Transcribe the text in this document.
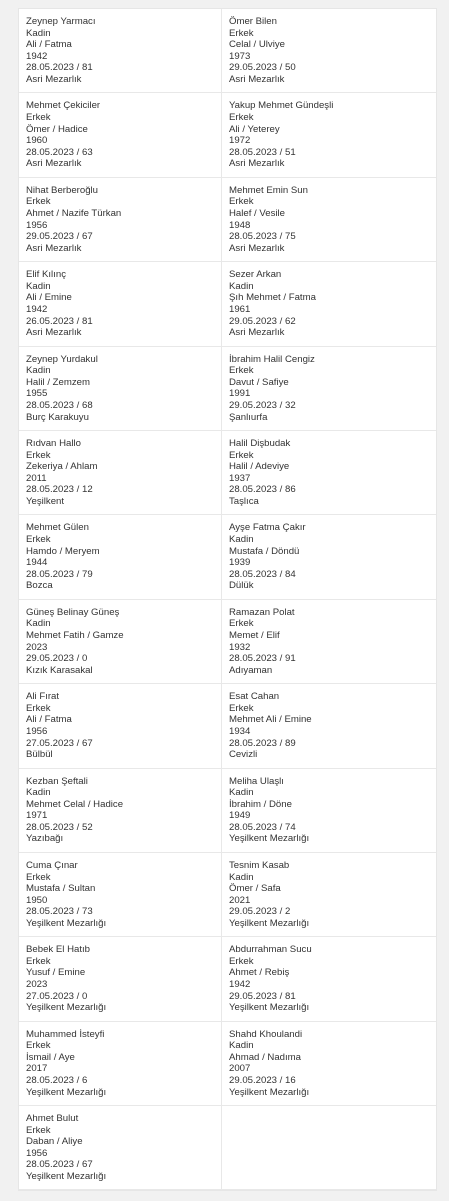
Zeynep Yarmacı
Kadin
Ali / Fatma
1942
28.05.2023 / 81
Asri Mezarlık
Ömer Bilen
Erkek
Celal / Ulviye
1973
29.05.2023 / 50
Asri Mezarlık
Mehmet Çekiciler
Erkek
Ömer / Hadice
1960
28.05.2023 / 63
Asri Mezarlık
Yakup Mehmet Gündeşli
Erkek
Ali / Yeterey
1972
28.05.2023 / 51
Asri Mezarlık
Nihat Berberoğlu
Erkek
Ahmet / Nazife Türkan
1956
29.05.2023 / 67
Asri Mezarlık
Mehmet Emin Sun
Erkek
Halef / Vesile
1948
28.05.2023 / 75
Asri Mezarlık
Elif Kılınç
Kadin
Ali / Emine
1942
26.05.2023 / 81
Asri Mezarlık
Sezer Arkan
Kadin
Şıh Mehmet / Fatma
1961
29.05.2023 / 62
Asri Mezarlık
Zeynep Yurdakul
Kadin
Halil / Zemzem
1955
28.05.2023 / 68
Burç Karakuyu
İbrahim Halil Cengiz
Erkek
Davut / Safiye
1991
29.05.2023 / 32
Şanlıurfa
Rıdvan Hallo
Erkek
Zekeriya / Ahlam
2011
28.05.2023 / 12
Yeşilkent
Halil Dişbudak
Erkek
Halil / Adeviye
1937
28.05.2023 / 86
Taşlıca
Mehmet Gülen
Erkek
Hamdo / Meryem
1944
28.05.2023 / 79
Bozca
Ayşe Fatma Çakır
Kadin
Mustafa / Döndü
1939
28.05.2023 / 84
Dülük
Güneş Belinay Güneş
Kadin
Mehmet Fatih / Gamze
2023
29.05.2023 / 0
Kızık Karasakal
Ramazan Polat
Erkek
Memet / Elif
1932
28.05.2023 / 91
Adıyaman
Ali Fırat
Erkek
Ali / Fatma
1956
27.05.2023 / 67
Bülbül
Esat Cahan
Erkek
Mehmet Ali / Emine
1934
28.05.2023 / 89
Cevizli
Kezban Şeftali
Kadin
Mehmet Celal / Hadice
1971
28.05.2023 / 52
Yazıbağı
Meliha Ulaşlı
Kadin
İbrahim / Döne
1949
28.05.2023 / 74
Yeşilkent Mezarlığı
Cuma Çınar
Erkek
Mustafa / Sultan
1950
28.05.2023 / 73
Yeşilkent Mezarlığı
Tesnim Kasab
Kadin
Ömer / Safa
2021
29.05.2023 / 2
Yeşilkent Mezarlığı
Bebek El Hatıb
Erkek
Yusuf / Emine
2023
27.05.2023 / 0
Yeşilkent Mezarlığı
Abdurrahman Sucu
Erkek
Ahmet / Rebiş
1942
29.05.2023 / 81
Yeşilkent Mezarlığı
Muhammed İsteyfi
Erkek
İsmail / Aye
2017
28.05.2023 / 6
Yeşilkent Mezarlığı
Shahd Khoulandi
Kadin
Ahmad / Nadıma
2007
29.05.2023 / 16
Yeşilkent Mezarlığı
Ahmet Bulut
Erkek
Daban / Aliye
1956
28.05.2023 / 67
Yeşilkent Mezarlığı
